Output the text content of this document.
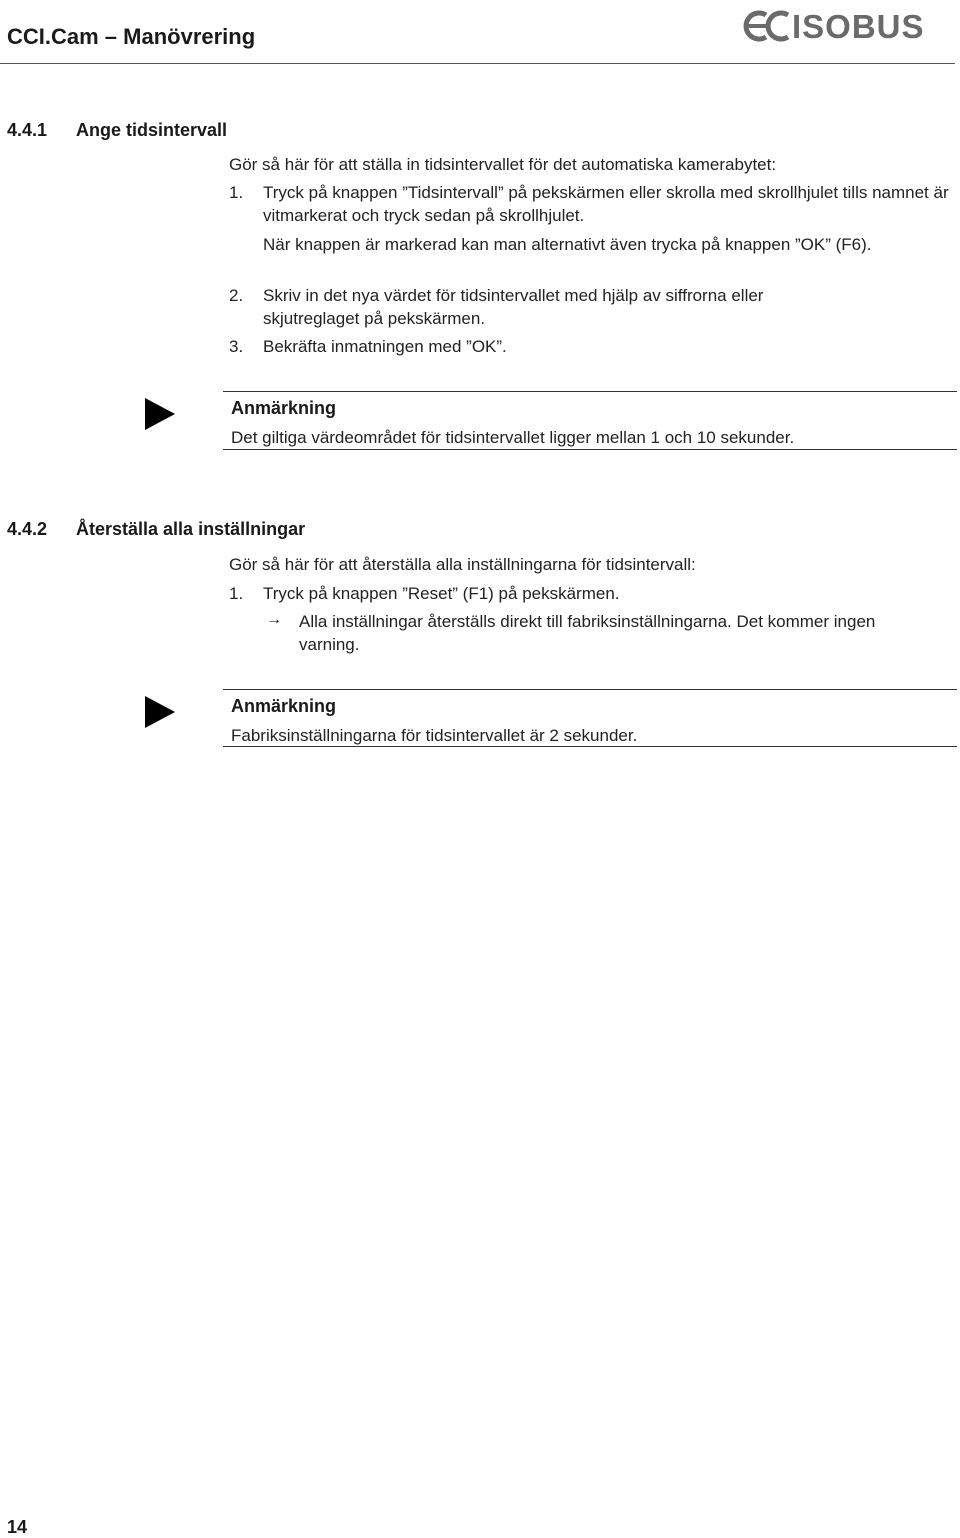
CCI.Cam – Manövrering	ISOBUS
4.4.1 Ange tidsintervall
Gör så här för att ställa in tidsintervallet för det automatiska kamerabytet:
1. Tryck på knappen ”Tidsintervall” på pekskärmen eller skrolla med skrollhjulet tills namnet är vitmarkerat och tryck sedan på skrollhjulet.
När knappen är markerad kan man alternativt även trycka på knappen ”OK” (F6).
2. Skriv in det nya värdet för tidsintervallet med hjälp av siffrorna eller skjutreglaget på pekskärmen.
3. Bekräfta inmatningen med ”OK”.
Anmärkning
Det giltiga värdeområdet för tidsintervallet ligger mellan 1 och 10 sekunder.
4.4.2 Återställa alla inställningar
Gör så här för att återställa alla inställningarna för tidsintervall:
1. Tryck på knappen ”Reset” (F1) på pekskärmen.
→ Alla inställningar återställs direkt till fabriksinställningarna. Det kommer ingen varning.
Anmärkning
Fabriksinställningarna för tidsintervallet är 2 sekunder.
14
